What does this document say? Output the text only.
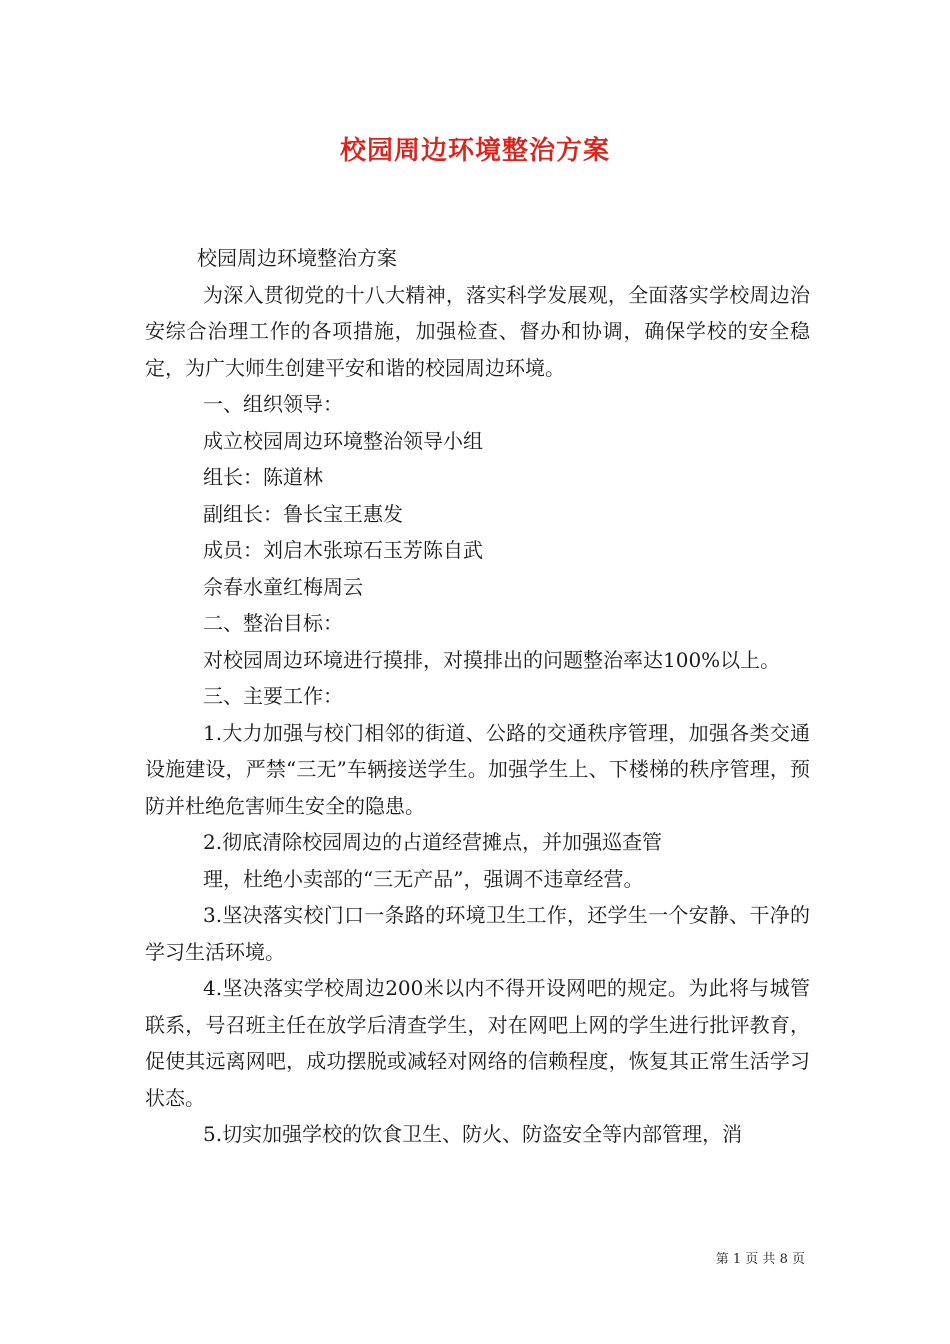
校园周边环境整治方案

校园周边环境整治方案

为深入贯彻党的十八大精神，落实科学发展观，全面落实学校周边治安综合治理工作的各项措施，加强检查、督办和协调，确保学校的安全稳定，为广大师生创建平安和谐的校园周边环境。

一、组织领导：

成立校园周边环境整治领导小组

组长：陈道林

副组长：鲁长宝王惠发

成员：刘启木张琼石玉芳陈自武

佘春水童红梅周云

二、整治目标：

对校园周边环境进行摸排，对摸排出的问题整治率达100%以上。

三、主要工作：

1.大力加强与校门相邻的街道、公路的交通秩序管理，加强各类交通设施建设，严禁“三无”车辆接送学生。加强学生上、下楼梯的秩序管理，预防并杜绝危害师生安全的隐患。

2.彻底清除校园周边的占道经营摊点，并加强巡查管

理，杜绝小卖部的“三无产品”，强调不违章经营。

3.坚决落实校门口一条路的环境卫生工作，还学生一个安静、干净的学习生活环境。

4.坚决落实学校周边200米以内不得开设网吧的规定。为此将与城管联系，号召班主任在放学后清查学生，对在网吧上网的学生进行批评教育，促使其远离网吧，成功摆脱或减轻对网络的信赖程度，恢复其正常生活学习状态。

5.切实加强学校的饮食卫生、防火、防盗安全等内部管理，消

第 1 页 共 8 页
